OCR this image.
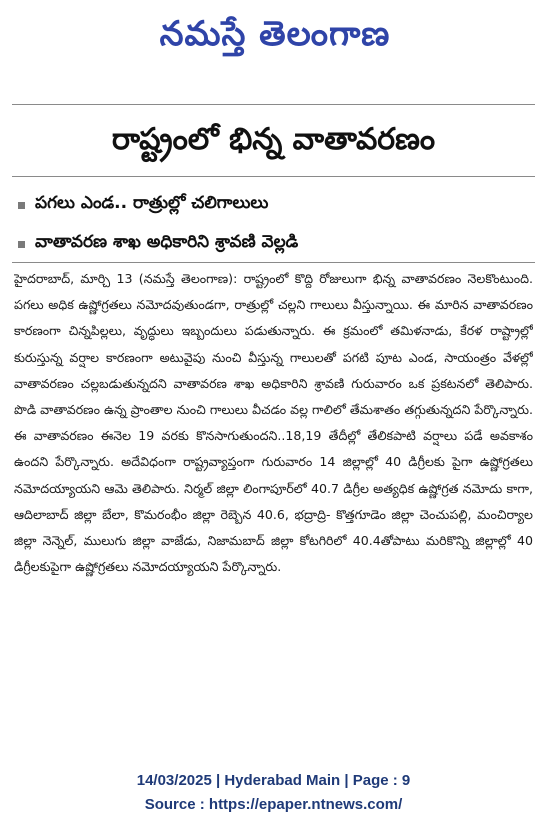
నమస్తే తెలంగాణ
రాష్ట్రంలో భిన్న వాతావరణం
పగలు ఎండ.. రాత్రుల్లో చలిగాలులు
వాతావరణ శాఖ అధికారిని శ్రావణి వెల్లడి
హైదరాబాద్, మార్చి 13 (నమస్తే తెలంగాణ): రాష్ట్రంలో కొద్ది రోజులుగా భిన్న వాతావరణం నెలకొంటుంది. పగలు అధిక ఉష్ణోగ్రతలు నమోదవుతుండగా, రాత్రుల్లో చల్లని గాలులు వీస్తున్నాయి. ఈ మారిన వాతావరణం కారణంగా చిన్నపిల్లలు, వృద్ధులు ఇబ్బందులు పడుతున్నారు. ఈ క్రమంలో తమిళనాడు, కేరళ రాష్ట్రాల్లో కురుస్తున్న వర్షాల కారణంగా అటువైపు నుంచి వీస్తున్న గాలులతో పగటి పూట ఎండ, సాయంత్రం వేళల్లో వాతావరణం చల్లబడుతున్నదని వాతావరణ శాఖ అధికారిని శ్రావణి గురువారం ఒక ప్రకటనలో తెలిపారు. పొడి వాతావరణం ఉన్న ప్రాంతాల నుంచి గాలులు వీచడం వల్ల గాలిలో తేమశాతం తగ్గుతున్నదని పేర్కొన్నారు. ఈ వాతావరణం ఈనెల 19 వరకు కొనసాగుతుందని..18,19 తేదీల్లో తేలికపాటి వర్షాలు పడే అవకాశం ఉందని పేర్కొన్నారు. అదేవిధంగా రాష్ట్రవ్యాప్తంగా గురువారం 14 జిల్లాల్లో 40 డిగ్రీలకు పైగా ఉష్ణోగ్రతలు నమోదయ్యాయని ఆమె తెలిపారు. నిర్మల్ జిల్లా లింగాపూర్‌లో 40.7 డిగ్రీల అత్యధిక ఉష్ణోగ్రత నమోదు కాగా, ఆదిలాబాద్ జిల్లా బేలా, కొమరంభీం జిల్లా రెబ్బెన 40.6, భద్రాద్రి- కొత్తగూడెం జిల్లా చెంచుపల్లి, మంచిర్యాల జిల్లా నెన్నెల్, ములుగు జిల్లా వాజేడు, నిజామబాద్ జిల్లా కోటగిరిలో 40.4తోపాటు మరికొన్ని జిల్లాల్లో 40 డిగ్రీలకుపైగా ఉష్ణోగ్రతలు నమోదయ్యాయని పేర్కొన్నారు.
14/03/2025 | Hyderabad Main | Page : 9
Source : https://epaper.ntnews.com/
